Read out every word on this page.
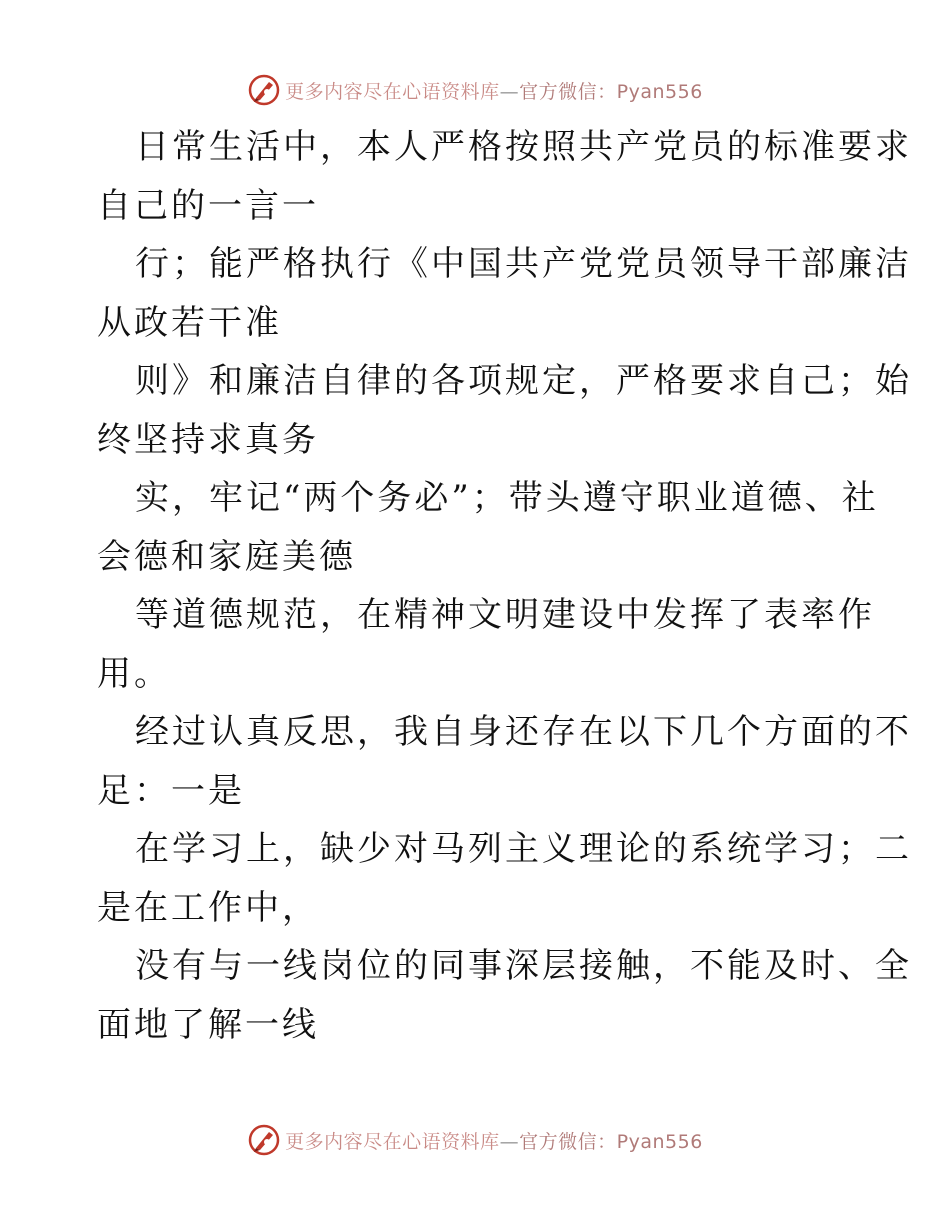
更多内容尽在心语资料库—官方微信：Pyan556
日常生活中，本人严格按照共产党员的标准要求
自己的一言一
行；能严格执行《中国共产党党员领导干部廉洁
从政若干准
则》和廉洁自律的各项规定，严格要求自己；始
终坚持求真务
实，牢记“两个务必”；带头遵守职业道德、社
会德和家庭美德
等道德规范，在精神文明建设中发挥了表率作
用。
经过认真反思，我自身还存在以下几个方面的不
足：一是
在学习上，缺少对马列主义理论的系统学习；二
是在工作中，
没有与一线岗位的同事深层接触，不能及时、全
面地了解一线
更多内容尽在心语资料库—官方微信：Pyan556
